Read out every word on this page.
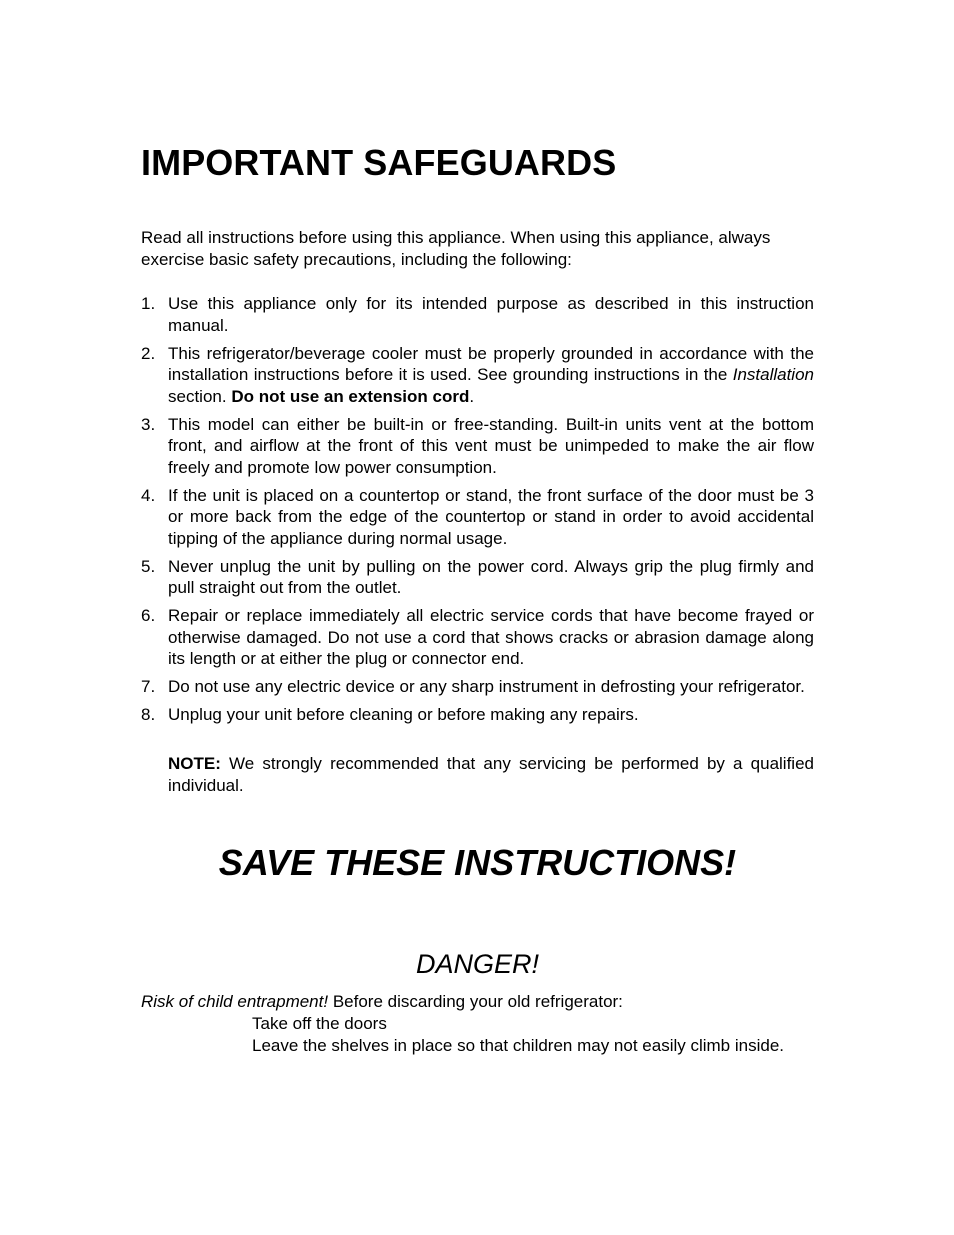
IMPORTANT SAFEGUARDS

Read all instructions before using this appliance. When using this appliance, always exercise basic safety precautions, including the following:

1. Use this appliance only for its intended purpose as described in this instruction manual.
2. This refrigerator/beverage cooler must be properly grounded in accordance with the installation instructions before it is used. See grounding instructions in the Installation section. Do not use an extension cord.
3. This model can either be built-in or free-standing. Built-in units vent at the bottom front, and airflow at the front of this vent must be unimpeded to make the air flow freely and promote low power consumption.
4. If the unit is placed on a countertop or stand, the front surface of the door must be 3 or more back from the edge of the countertop or stand in order to avoid accidental tipping of the appliance during normal usage.
5. Never unplug the unit by pulling on the power cord. Always grip the plug firmly and pull straight out from the outlet.
6. Repair or replace immediately all electric service cords that have become frayed or otherwise damaged. Do not use a cord that shows cracks or abrasion damage along its length or at either the plug or connector end.
7. Do not use any electric device or any sharp instrument in defrosting your refrigerator.
8. Unplug your unit before cleaning or before making any repairs.

NOTE: We strongly recommended that any servicing be performed by a qualified individual.

SAVE THESE INSTRUCTIONS!
DANGER!

Risk of child entrapment! Before discarding your old refrigerator:

Take off the doors
Leave the shelves in place so that children may not easily climb inside.
